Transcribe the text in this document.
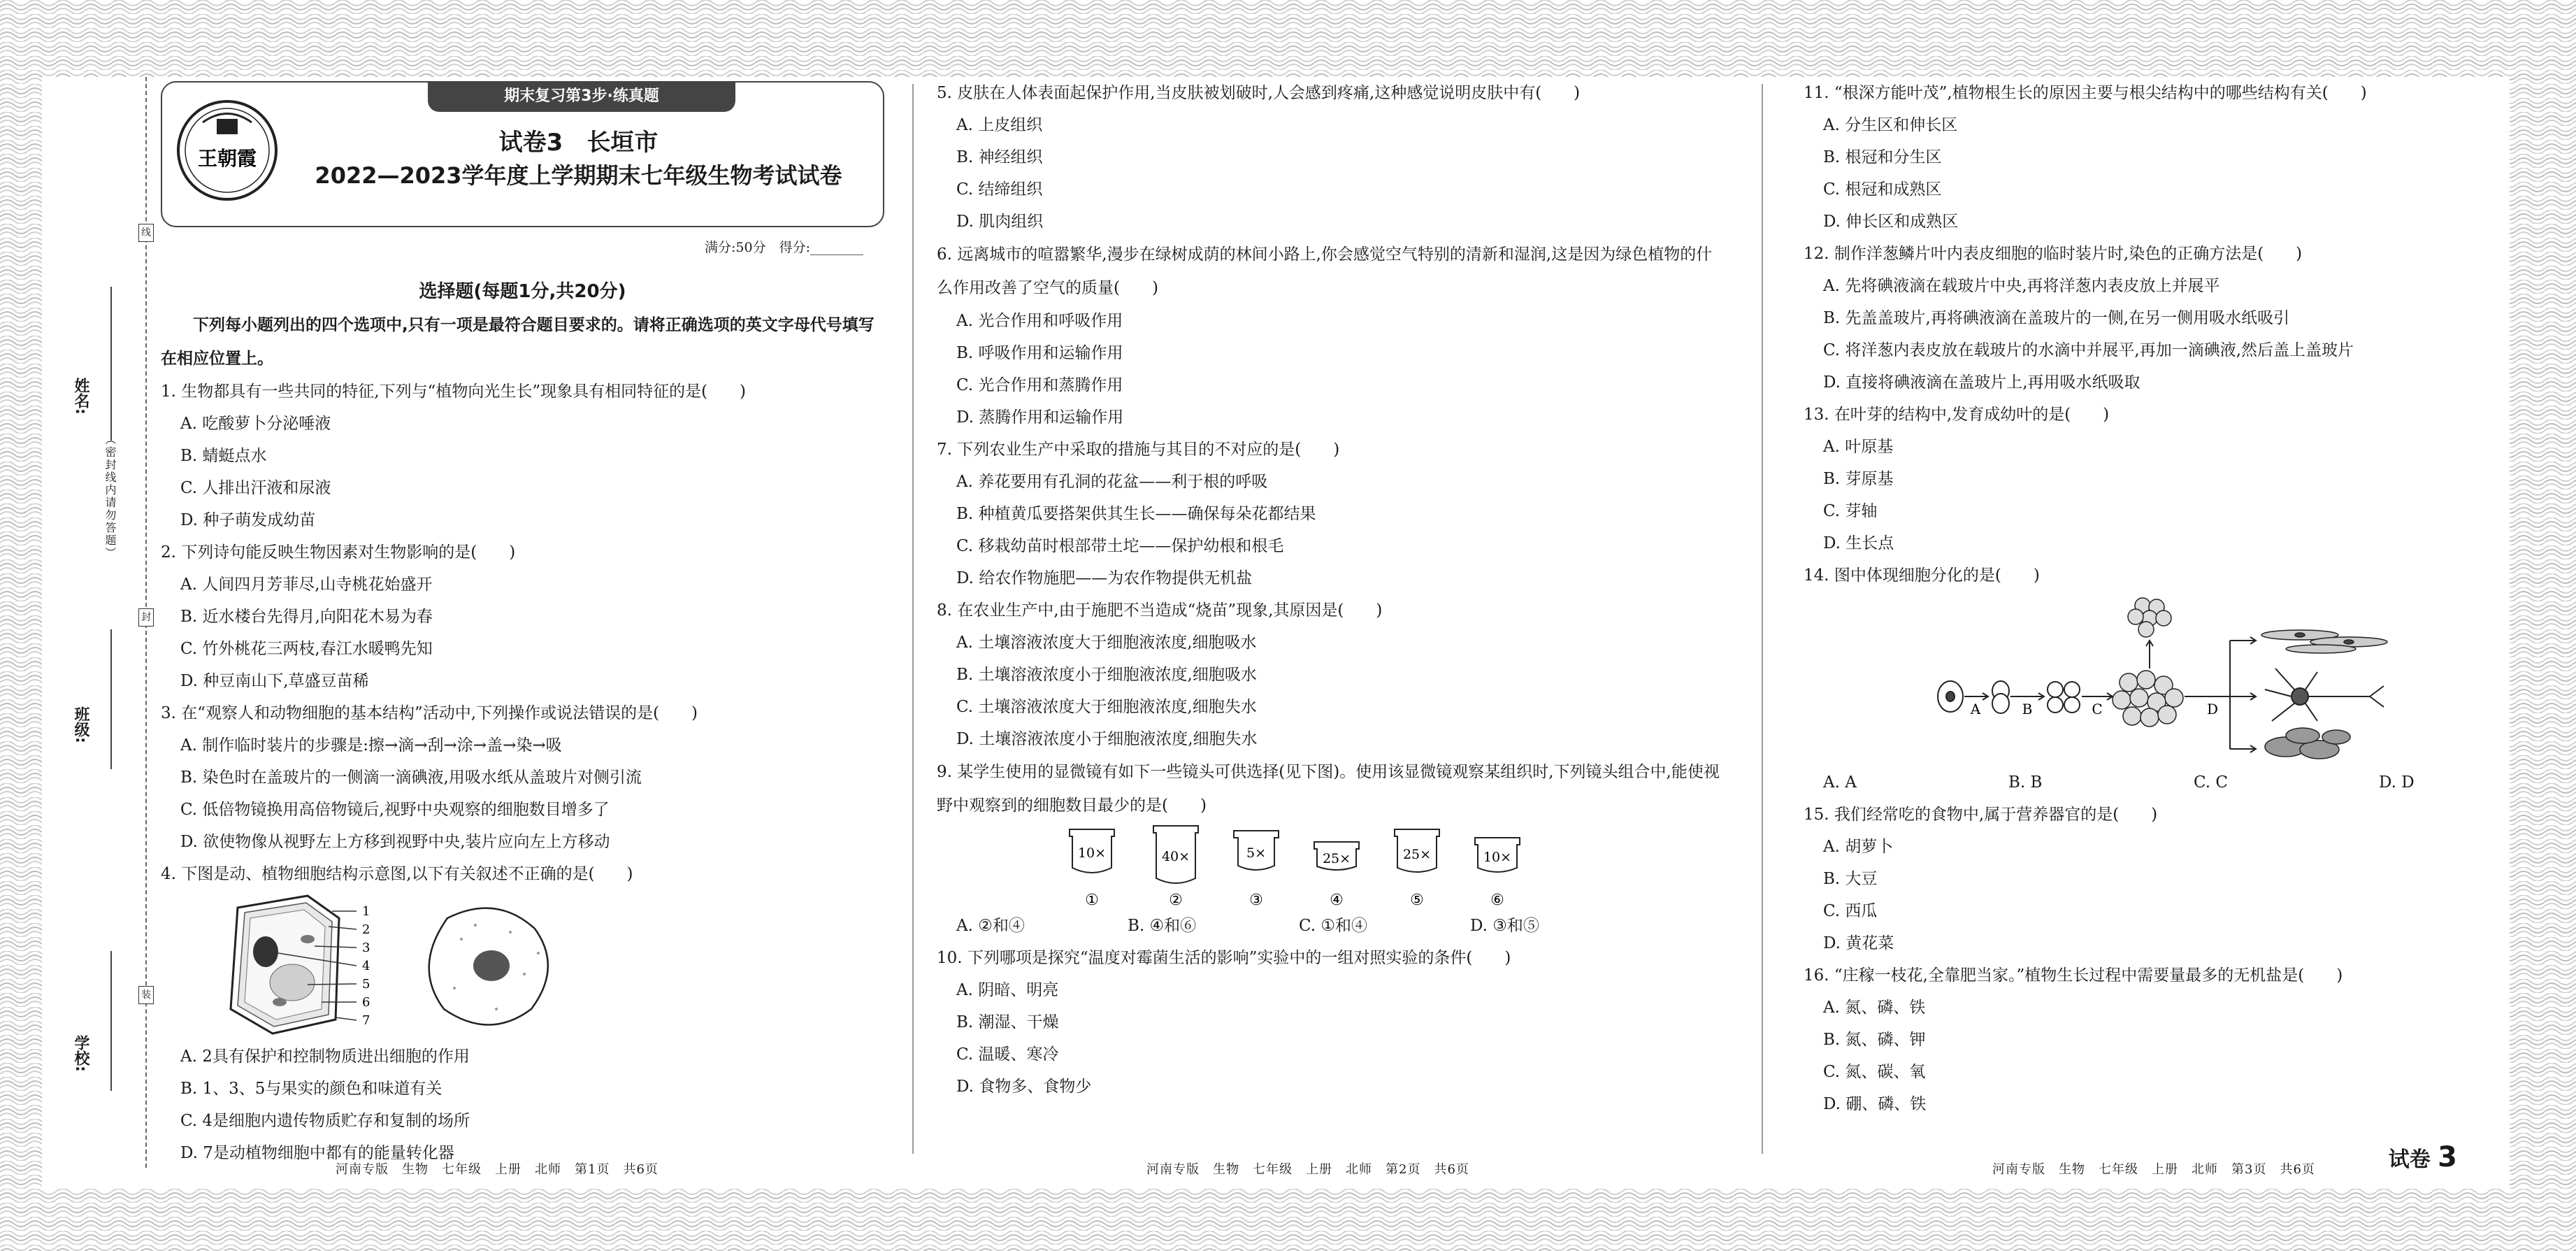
线
封
装
（密封线内请勿答题）
姓名:
班级:
学校:
期末复习第3步·练真题
王朝霞
试卷3　长垣市
2022—2023学年度上学期期末七年级生物考试试卷
满分:50分　得分:________
选择题(每题1分,共20分)
下列每小题列出的四个选项中,只有一项是最符合题目要求的。请将正确选项的英文字母代号填写在相应位置上。

1. 生物都具有一些共同的特征,下列与“植物向光生长”现象具有相同特征的是(　　)

A. 吃酸萝卜分泌唾液

B. 蜻蜓点水

C. 人排出汗液和尿液

D. 种子萌发成幼苗

2. 下列诗句能反映生物因素对生物影响的是(　　)

A. 人间四月芳菲尽,山寺桃花始盛开

B. 近水楼台先得月,向阳花木易为春

C. 竹外桃花三两枝,春江水暖鸭先知

D. 种豆南山下,草盛豆苗稀

3. 在“观察人和动物细胞的基本结构”活动中,下列操作或说法错误的是(　　)

A. 制作临时装片的步骤是:擦→滴→刮→涂→盖→染→吸

B. 染色时在盖玻片的一侧滴一滴碘液,用吸水纸从盖玻片对侧引流

C. 低倍物镜换用高倍物镜后,视野中央观察的细胞数目增多了

D. 欲使物像从视野左上方移到视野中央,装片应向左上方移动

4. 下图是动、植物细胞结构示意图,以下有关叙述不正确的是(　　)

1
2
3
4
5
6
7

A. 2具有保护和控制物质进出细胞的作用

B. 1、3、5与果实的颜色和味道有关

C. 4是细胞内遗传物质贮存和复制的场所

D. 7是动植物细胞中都有的能量转化器

河南专版　生物　七年级　上册　北师　第1页　共6页

5. 皮肤在人体表面起保护作用,当皮肤被划破时,人会感到疼痛,这种感觉说明皮肤中有(　　)

A. 上皮组织

B. 神经组织

C. 结缔组织

D. 肌肉组织

6. 远离城市的喧嚣繁华,漫步在绿树成荫的林间小路上,你会感觉空气特别的清新和湿润,这是因为绿色植物的什么作用改善了空气的质量(　　)

A. 光合作用和呼吸作用

B. 呼吸作用和运输作用

C. 光合作用和蒸腾作用

D. 蒸腾作用和运输作用

7. 下列农业生产中采取的措施与其目的不对应的是(　　)

A. 养花要用有孔洞的花盆——利于根的呼吸

B. 种植黄瓜要搭架供其生长——确保每朵花都结果

C. 移栽幼苗时根部带土坨——保护幼根和根毛

D. 给农作物施肥——为农作物提供无机盐

8. 在农业生产中,由于施肥不当造成“烧苗”现象,其原因是(　　)

A. 土壤溶液浓度大于细胞液浓度,细胞吸水

B. 土壤溶液浓度小于细胞液浓度,细胞吸水

C. 土壤溶液浓度大于细胞液浓度,细胞失水

D. 土壤溶液浓度小于细胞液浓度,细胞失水

9. 某学生使用的显微镜有如下一些镜头可供选择(见下图)。使用该显微镜观察某组织时,下列镜头组合中,能使视野中观察到的细胞数目最少的是(　　)

10×	40×	5×	25×	25×	10×
①	②	③	④	⑤	⑥
A. ②和④	B. ④和⑥	C. ①和④	D. ③和⑤

10. 下列哪项是探究“温度对霉菌生活的影响”实验中的一组对照实验的条件(　　)

A. 阴暗、明亮

B. 潮湿、干燥

C. 温暖、寒冷

D. 食物多、食物少

河南专版　生物　七年级　上册　北师　第2页　共6页

11. “根深方能叶茂”,植物根生长的原因主要与根尖结构中的哪些结构有关(　　)

A. 分生区和伸长区

B. 根冠和分生区

C. 根冠和成熟区

D. 伸长区和成熟区

12. 制作洋葱鳞片叶内表皮细胞的临时装片时,染色的正确方法是(　　)

A. 先将碘液滴在载玻片中央,再将洋葱内表皮放上并展平

B. 先盖盖玻片,再将碘液滴在盖玻片的一侧,在另一侧用吸水纸吸引

C. 将洋葱内表皮放在载玻片的水滴中并展平,再加一滴碘液,然后盖上盖玻片

D. 直接将碘液滴在盖玻片上,再用吸水纸吸取

13. 在叶芽的结构中,发育成幼叶的是(　　)

A. 叶原基

B. 芽原基

C. 芽轴

D. 生长点

14. 图中体现细胞分化的是(　　)

A	B	C	D
A. A	B. B	C. C	D. D

15. 我们经常吃的食物中,属于营养器官的是(　　)

A. 胡萝卜

B. 大豆

C. 西瓜

D. 黄花菜

16. “庄稼一枝花,全靠肥当家。”植物生长过程中需要量最多的无机盐是(　　)

A. 氮、磷、铁

B. 氮、磷、钾

C. 氮、碳、氧

D. 硼、磷、铁

河南专版　生物　七年级　上册　北师　第3页　共6页	试卷 3
